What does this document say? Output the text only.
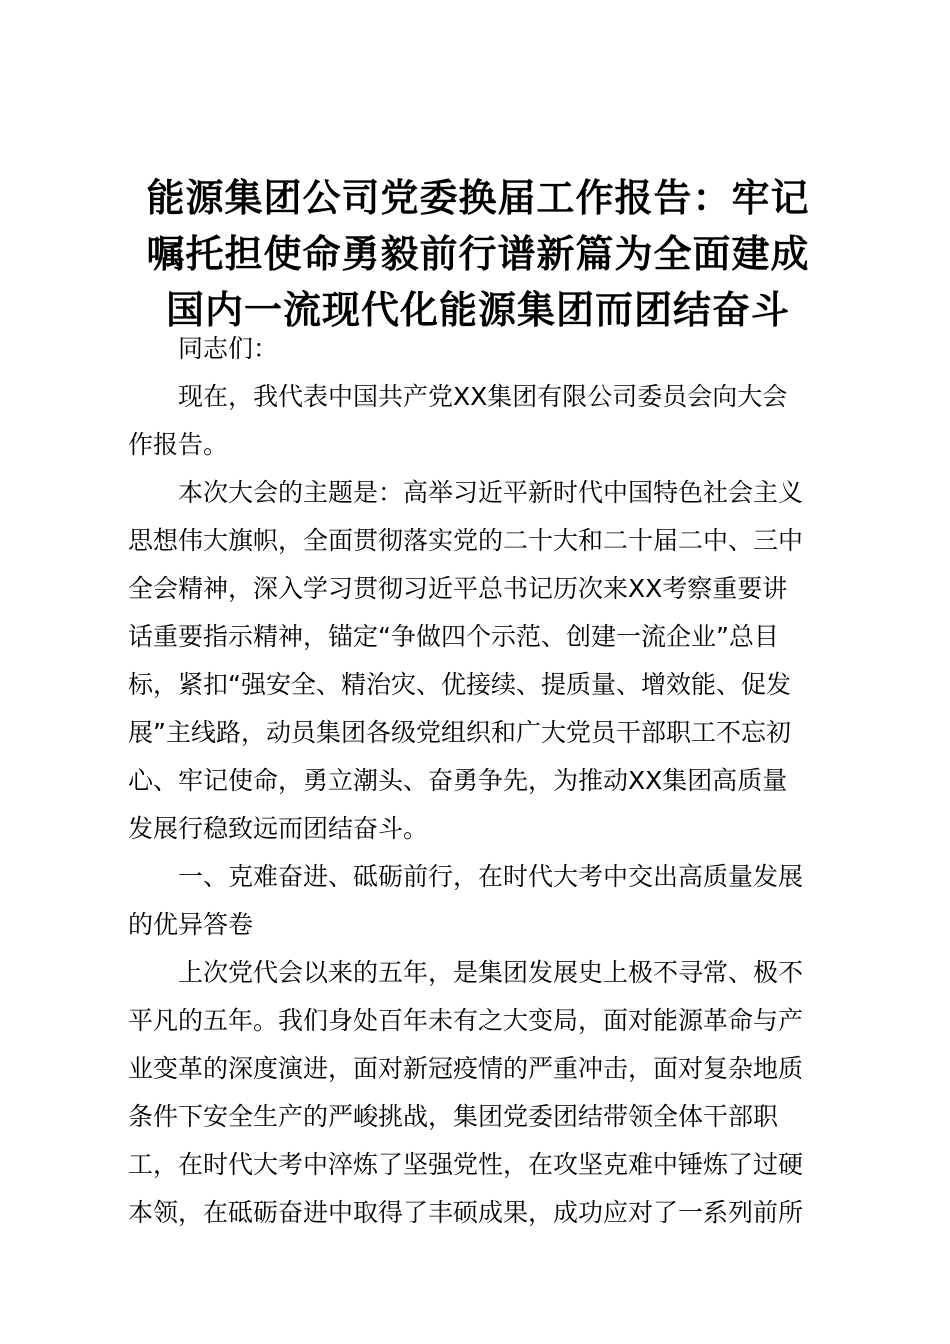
能源集团公司党委换届工作报告：牢记
嘱托担使命勇毅前行谱新篇为全面建成
国内一流现代化能源集团而团结奋斗

同志们：

现在，我代表中国共产党XX集团有限公司委员会向大会
作报告。

本次大会的主题是：高举习近平新时代中国特色社会主义
思想伟大旗帜，全面贯彻落实党的二十大和二十届二中、三中
全会精神，深入学习贯彻习近平总书记历次来XX考察重要讲
话重要指示精神，锚定“争做四个示范、创建一流企业”总目
标，紧扣“强安全、精治灾、优接续、提质量、增效能、促发
展”主线路，动员集团各级党组织和广大党员干部职工不忘初
心、牢记使命，勇立潮头、奋勇争先，为推动XX集团高质量
发展行稳致远而团结奋斗。

一、克难奋进、砥砺前行，在时代大考中交出高质量发展
的优异答卷

上次党代会以来的五年，是集团发展史上极不寻常、极不
平凡的五年。我们身处百年未有之大变局，面对能源革命与产
业变革的深度演进，面对新冠疫情的严重冲击，面对复杂地质
条件下安全生产的严峻挑战，集团党委团结带领全体干部职
工，在时代大考中淬炼了坚强党性，在攻坚克难中锤炼了过硬
本领，在砥砺奋进中取得了丰硕成果，成功应对了一系列前所
